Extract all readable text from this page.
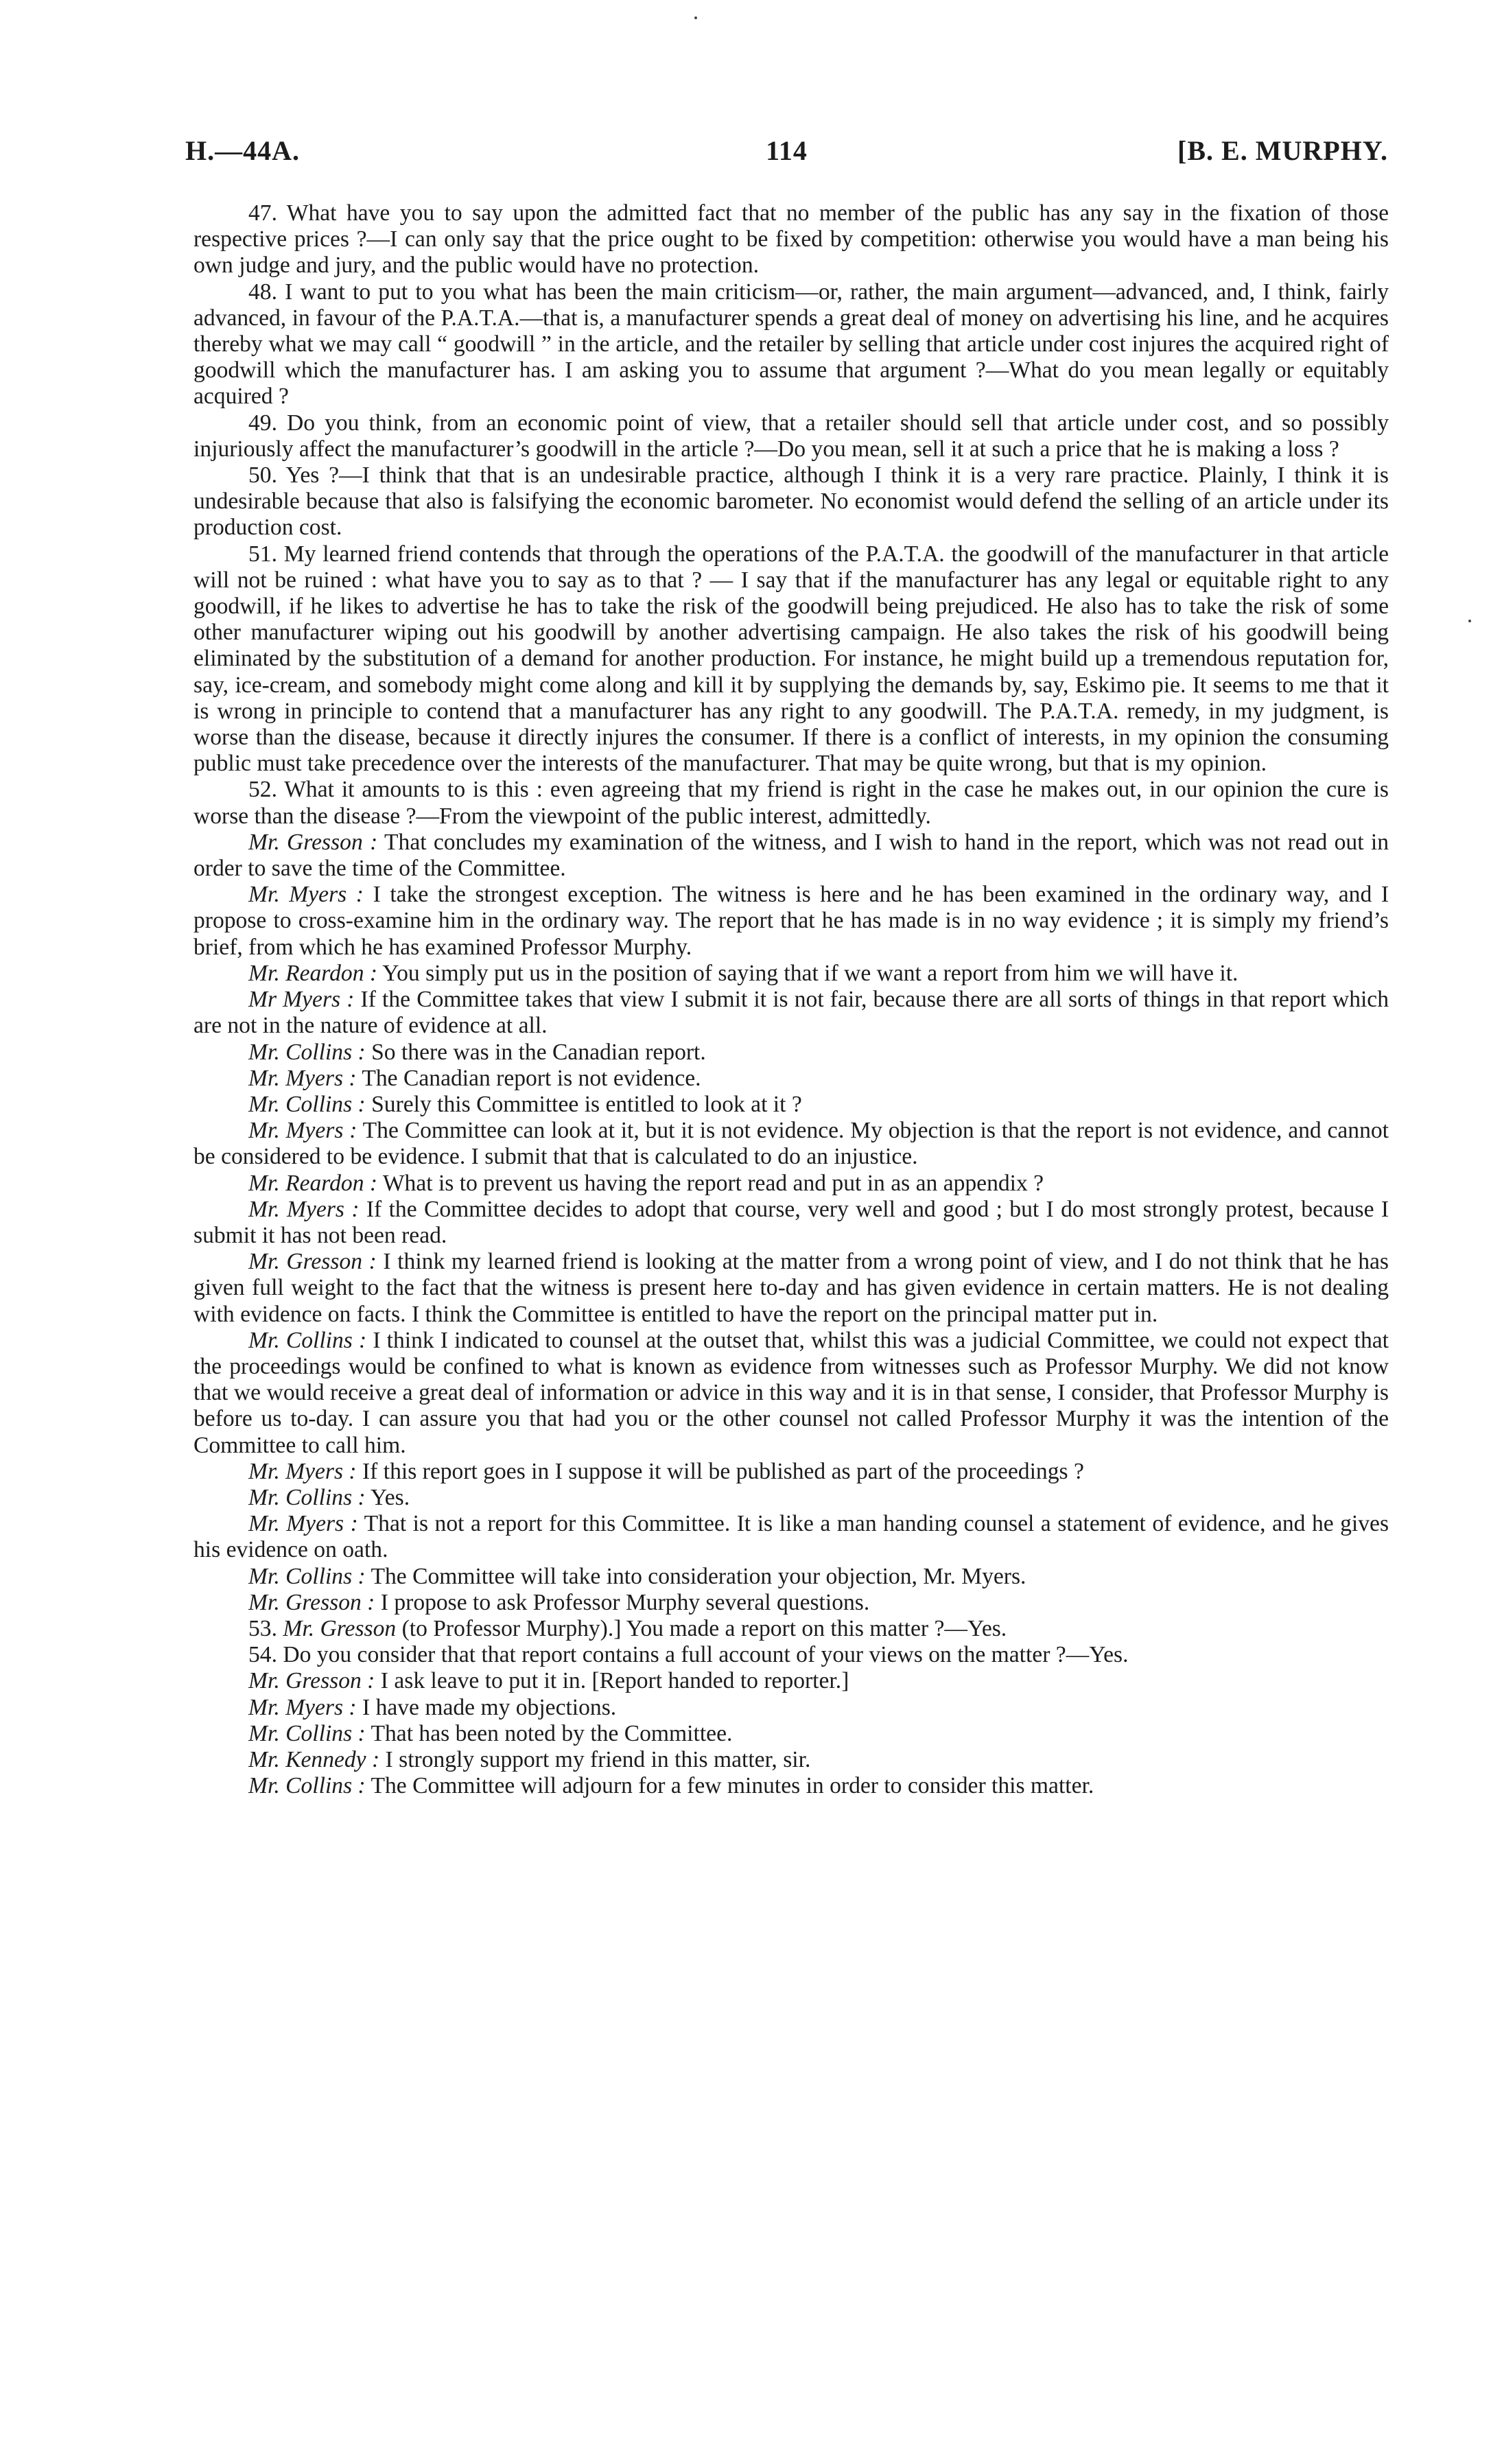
H.—44A.	114	[B. E. MURPHY.

47. What have you to say upon the admitted fact that no member of the public has any say in the fixation of those respective prices ?—I can only say that the price ought to be fixed by competition: otherwise you would have a man being his own judge and jury, and the public would have no protection.

48. I want to put to you what has been the main criticism—or, rather, the main argument—advanced, and, I think, fairly advanced, in favour of the P.A.T.A.—that is, a manufacturer spends a great deal of money on advertising his line, and he acquires thereby what we may call “ goodwill ” in the article, and the retailer by selling that article under cost injures the acquired right of goodwill which the manufacturer has. I am asking you to assume that argument ?—What do you mean legally or equitably acquired ?

49. Do you think, from an economic point of view, that a retailer should sell that article under cost, and so possibly injuriously affect the manufacturer’s goodwill in the article ?—Do you mean, sell it at such a price that he is making a loss ?

50. Yes ?—I think that that is an undesirable practice, although I think it is a very rare practice. Plainly, I think it is undesirable because that also is falsifying the economic barometer. No economist would defend the selling of an article under its production cost.

51. My learned friend contends that through the operations of the P.A.T.A. the goodwill of the manufacturer in that article will not be ruined : what have you to say as to that ? — I say that if the manufacturer has any legal or equitable right to any goodwill, if he likes to advertise he has to take the risk of the goodwill being prejudiced. He also has to take the risk of some other manufacturer wiping out his goodwill by another advertising campaign. He also takes the risk of his goodwill being eliminated by the substitution of a demand for another production. For instance, he might build up a tremendous reputation for, say, ice-cream, and somebody might come along and kill it by supplying the demands by, say, Eskimo pie. It seems to me that it is wrong in principle to contend that a manufacturer has any right to any goodwill. The P.A.T.A. remedy, in my judgment, is worse than the disease, because it directly injures the consumer. If there is a conflict of interests, in my opinion the consuming public must take precedence over the interests of the manufacturer. That may be quite wrong, but that is my opinion.

52. What it amounts to is this : even agreeing that my friend is right in the case he makes out, in our opinion the cure is worse than the disease ?—From the viewpoint of the public interest, admittedly.

Mr. Gresson : That concludes my examination of the witness, and I wish to hand in the report, which was not read out in order to save the time of the Committee.

Mr. Myers : I take the strongest exception. The witness is here and he has been examined in the ordinary way, and I propose to cross-examine him in the ordinary way. The report that he has made is in no way evidence ; it is simply my friend’s brief, from which he has examined Professor Murphy.

Mr. Reardon : You simply put us in the position of saying that if we want a report from him we will have it.

Mr Myers : If the Committee takes that view I submit it is not fair, because there are all sorts of things in that report which are not in the nature of evidence at all.

Mr. Collins : So there was in the Canadian report.

Mr. Myers : The Canadian report is not evidence.

Mr. Collins : Surely this Committee is entitled to look at it ?

Mr. Myers : The Committee can look at it, but it is not evidence. My objection is that the report is not evidence, and cannot be considered to be evidence. I submit that that is calculated to do an injustice.

Mr. Reardon : What is to prevent us having the report read and put in as an appendix ?

Mr. Myers : If the Committee decides to adopt that course, very well and good ; but I do most strongly protest, because I submit it has not been read.

Mr. Gresson : I think my learned friend is looking at the matter from a wrong point of view, and I do not think that he has given full weight to the fact that the witness is present here to-day and has given evidence in certain matters. He is not dealing with evidence on facts. I think the Committee is entitled to have the report on the principal matter put in.

Mr. Collins : I think I indicated to counsel at the outset that, whilst this was a judicial Committee, we could not expect that the proceedings would be confined to what is known as evidence from witnesses such as Professor Murphy. We did not know that we would receive a great deal of information or advice in this way and it is in that sense, I consider, that Professor Murphy is before us to-day. I can assure you that had you or the other counsel not called Professor Murphy it was the intention of the Committee to call him.

Mr. Myers : If this report goes in I suppose it will be published as part of the proceedings ?

Mr. Collins : Yes.

Mr. Myers : That is not a report for this Committee. It is like a man handing counsel a statement of evidence, and he gives his evidence on oath.

Mr. Collins : The Committee will take into consideration your objection, Mr. Myers.

Mr. Gresson : I propose to ask Professor Murphy several questions.

53. Mr. Gresson (to Professor Murphy).] You made a report on this matter ?—Yes.

54. Do you consider that that report contains a full account of your views on the matter ?—Yes.

Mr. Gresson : I ask leave to put it in. [Report handed to reporter.]

Mr. Myers : I have made my objections.

Mr. Collins : That has been noted by the Committee.

Mr. Kennedy : I strongly support my friend in this matter, sir.

Mr. Collins : The Committee will adjourn for a few minutes in order to consider this matter.
